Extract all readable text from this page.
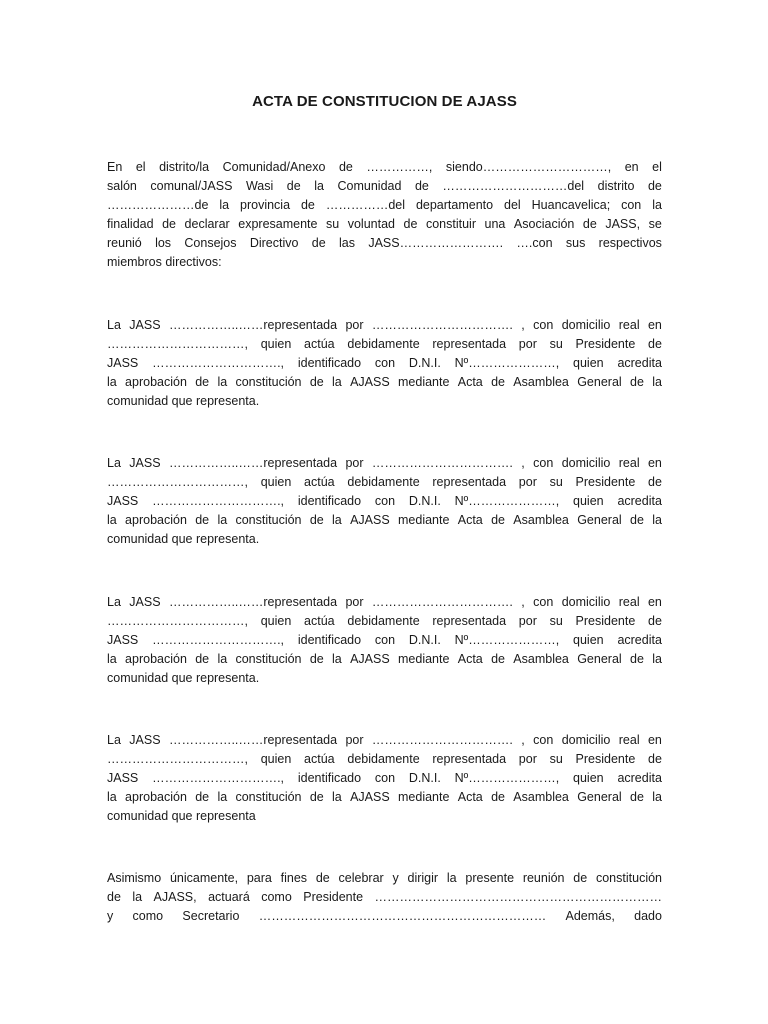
ACTA DE CONSTITUCION DE AJASS
En el distrito/la Comunidad/Anexo de ……………, siendo…………………………, en el
salón comunal/JASS Wasi de la Comunidad de …………………………del distrito de
…………………de la provincia de ……………del departamento del Huancavelica; con la
finalidad de declarar expresamente su voluntad de constituir una Asociación de JASS, se
reunió los Consejos Directivo de las JASS……………………. ….con sus respectivos
miembros directivos:
La JASS ……………..……representada por ……………………………. , con domicilio real en
……………………………, quien actúa debidamente representada por su Presidente de
JASS …………………………., identificado con D.N.I. Nº…………………, quien acredita
la aprobación de la constitución de la AJASS mediante Acta de Asamblea General de la
comunidad que representa.
La JASS ……………..……representada por ……………………………. , con domicilio real en
……………………………, quien actúa debidamente representada por su Presidente de
JASS …………………………., identificado con D.N.I. Nº…………………, quien acredita
la aprobación de la constitución de la AJASS mediante Acta de Asamblea General de la
comunidad que representa.
La JASS ……………..……representada por ……………………………. , con domicilio real en
……………………………, quien actúa debidamente representada por su Presidente de
JASS …………………………., identificado con D.N.I. Nº…………………, quien acredita
la aprobación de la constitución de la AJASS mediante Acta de Asamblea General de la
comunidad que representa.
La JASS ……………..……representada por ……………………………. , con domicilio real en
……………………………, quien actúa debidamente representada por su Presidente de
JASS …………………………., identificado con D.N.I. Nº…………………, quien acredita
la aprobación de la constitución de la AJASS mediante Acta de Asamblea General de la
comunidad que representa
Asimismo únicamente, para fines de celebrar y dirigir la presente reunión de constitución
de la AJASS, actuará como Presidente ……………………………………………………………
y como Secretario …………………………………………………………… Además, dado
